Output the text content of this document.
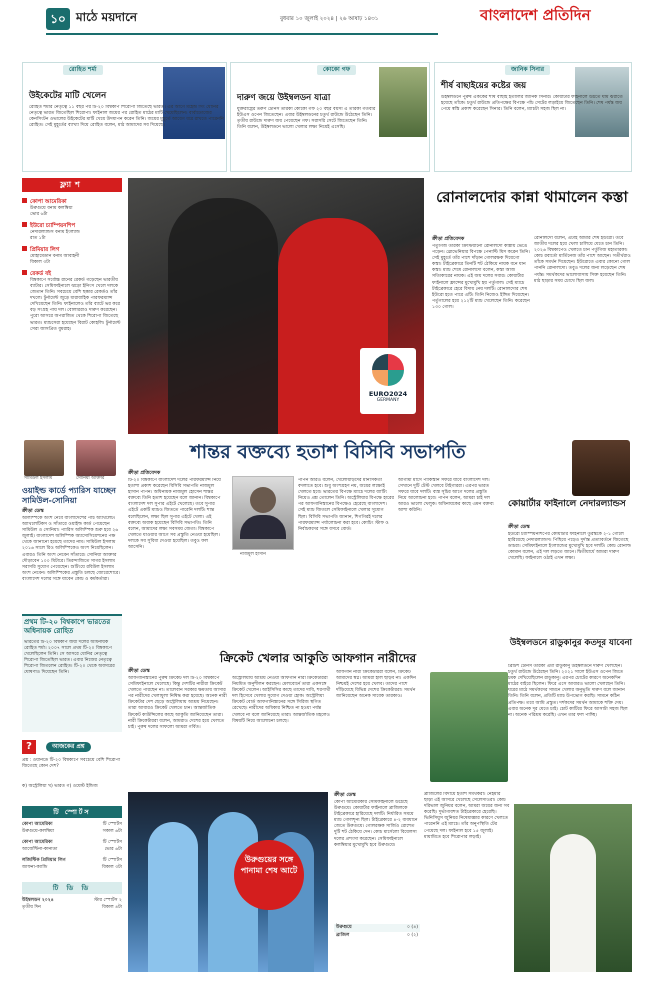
১০ মাঠে ময়দানে	বুধবার ১০ জুলাই ২০২৪ | ২৬ আষাঢ় ১৪৩১	বাংলাদেশ প্রতিদিন
রোহিত শর্মা
উইকেটের মাটি খেলেন
রোহিত শর্মার নেতৃত্বে ১১ বছর পর টি-২০ বিশ্বকাপ শিরোপা জিতেছে ভারত। এর আগে মহেন্দ্র সিং ধোনির নেতৃত্বে ভারত জিতেছিল শিরোপা। ফাইনাল জয়ের পর রোহিত মাঠের মাটি খেয়েছিলেন। বার্বাডোজের কেনসিংটন ওভালের উইকেটের মাটি খেয়ে উদযাপন করেন তিনি। জয়ের মুহূর্তে আবেগ ধরে রাখতে পারেননি রোহিত। সেই মুহূর্তের ব্যাখ্যা দিয়ে রোহিত বলেন, মাঠ আমাদের সব দিয়েছে।
কোকো গফ
দারুণ জয়ে উইম্বলডন যাত্রা
যুক্তরাষ্ট্রের তরুণ টেনিস তারকা কোকো গফ ২০ বছর বয়সী এ তারকা গতবার ইউএস ওপেন জিতেছেন। এবার উইম্বলডনের চতুর্থ রাউন্ডে উঠেছেন তিনি। তৃতীয় রাউন্ডে দারুণ জয় পেয়েছেন গফ। সরাসরি সেটে জিতেছেন তিনি। তিনি বলেন, উইম্বলডনে ভালো খেলার লক্ষ্য নিয়েই এসেছি।
জানিক সিনার
শীর্ষ বাছাইয়ের কষ্টের জয়
উইম্বলডনে পুরুষ এককের শীর্ষ বাছাই ইতালির জানিক সিনার। কোয়ার্টার ফাইনালে উঠতে ঘাম ঝরাতে হয়েছে তাঁকে। চতুর্থ রাউন্ডে প্রতিপক্ষের বিপক্ষে পাঁচ সেটের লড়াইয়ে জিতেছেন তিনি। শেষ পর্যন্ত জয় পেয়ে স্বস্তি প্রকাশ করেছেন সিনার। তিনি বলেন, ম্যাচটা সহজ ছিল না।
ফ্ল্যাশ
কোপা আমেরিকা
উরুগুয়ে বনাম কলম্বিয়া
ভোর ৬টা
ইউরো চ্যাম্পিয়নশিপ
নেদারল্যান্ডস বনাম ইংল্যান্ড
রাত ১টা
প্রিমিয়ার লিগ
মোহামেডান বনাম আবাহনী
বিকাল ৩টা
রেকর্ড বই
বিশ্বকাপে সর্বোচ্চ রানের রেকর্ড গড়েছেন ভারতীয় ব্যাটার। সেমিফাইনালে ঝড়ো ইনিংস খেলে দলকে জেতান তিনি। সবচেয়ে বেশি ছক্কার রেকর্ডও তাঁর দখলে। টুর্নামেন্ট জুড়ে ধারাবাহিক পারফরম্যান্স দেখিয়েছেন তিনি। ফাইনালেও তাঁর ব্যাটে ভর করে বড় সংগ্রহ পায় দল। বোলাররাও দারুণ করেছেন। পুরো আসরে অপরাজিত থেকে শিরোপা জিতেছে ভারত। ম্যাচসেরা হয়েছেন বিরাট কোহলি। টুর্নামেন্ট সেরা জাসপ্রিত বুমরাহ।
সামিউল ইসলাম	সোনিয়া আক্তার
ওয়াইল্ড কার্ডে প্যারিস যাচ্ছেন সামিউল-সোনিয়া
ক্রীড়া ডেস্ক
অলিম্পিকে অংশ নেবে বাংলাদেশের পাঁচ অ্যাথলেট। অ্যাথলেটিকস ও সাঁতারে ওয়াইল্ড কার্ড পেয়েছেন সামিউল ও সোনিয়া। প্যারিস অলিম্পিক শুরু হবে ২৬ জুলাই। বাংলাদেশ অলিম্পিক অ্যাসোসিয়েশনের পক্ষ থেকে জানানো হয়েছে তাদের নাম। সামিউল ইসলাম ২০১৬ সালে রিও অলিম্পিকেও অংশ নিয়েছিলেন। এবারও তিনি অংশ নেবেন সাঁতারে। সোনিয়া আক্তার দৌড়াবেন ১০০ মিটারে। তিরন্দাজিতে সাগর ইসলাম সরাসরি সুযোগ পেয়েছেন। শুটিংয়ে রবিউল ইসলাম অংশ নেবেন। অলিম্পিকের প্রস্তুতি চলছে জোরেশোরে। বাংলাদেশ দলের সঙ্গে যাবেন কোচ ও কর্মকর্তারা।
প্রথম টি-২০ বিশ্বকাপে ভারতের অধিনায়ক রোহিত
ভারতের টি-২০ বিশ্বকাপ জয়ী দলের অধিনায়ক রোহিত শর্মা। ২০০৭ সালে প্রথম টি-২০ বিশ্বকাপে খেলেছিলেন তিনি। সে আসরে ধোনির নেতৃত্বে শিরোপা জিতেছিল ভারত। এবার নিজের নেতৃত্বে শিরোপা জিতলেন রোহিত। টি-২০ থেকে অবসরের ঘোষণাও দিয়েছেন তিনি।
?	আজকের প্রশ্ন
প্রশ্ন : ওয়ানডে টি-২০ বিশ্বকাপে সবচেয়ে বেশি শিরোপা জিতেছে কোন দেশ?
ক) অস্ট্রেলিয়া খ) ভারত গ) ওয়েস্ট ইন্ডিজ
টি স্পোর্টস
কোপা আমেরিকা	টি স্পোর্টস
উরুগুয়ে-কলম্বিয়া	সকাল ৬টা
কোপা আমেরিকা	টি স্পোর্টস
আর্জেন্টিনা-কানাডা	ভোর ৬টা
লজিস্টিক প্রিমিয়ার লিগ	টি স্পোর্টস
জাফনা-ক্যান্ডি	বিকাল ৩টা
টি ডি ডি
উইম্বলডন ২০২৪	স্টার স্পোর্টস ২
তৃতীয় দিন	বিকাল ৪টা
EURO2024
GERMANY
রোনালদোর কান্না থামালেন কস্তা
ক্রীড়া প্রতিবেদক
পর্তুগিজ তারকা ক্রিস্টিয়ানো রোনালদো কান্নায় ভেঙে পড়েন। স্লোভেনিয়ার বিপক্ষে পেনাল্টি মিস করেন তিনি। সেই মুহূর্তে তাঁর পাশে দাঁড়ান গোলরক্ষক দিয়েগো কস্তা। টাইব্রেকারে তিনটি শট ঠেকিয়ে নায়ক বনে যান কস্তা। ম্যাচ শেষে রোনালদো বলেন, কস্তা আজ সত্যিকারের নায়ক। এই জয় দলের সবার। কোয়ার্টার ফাইনালে ফ্রান্সের মুখোমুখি হয় পর্তুগাল। সেই ম্যাচে টাইব্রেকারে হেরে বিদায় নেয় দলটি। রোনালদোর শেষ ইউরো হতে পারে এটি। তিনি নিজেও ইঙ্গিত দিয়েছেন। পর্তুগালের হয়ে ২১২টি ম্যাচ খেলেছেন তিনি। করেছেন ১৩০ গোল।
রোনালদো বলেন, এটাই আমার শেষ ইউরো। তবে জাতীয় দলের হয়ে খেলা চালিয়ে যেতে চান তিনি। ২০২৬ বিশ্বকাপেও খেলতে চান পর্তুগিজ মহাতারকা। কোচ রবার্তো মার্তিনেজ তাঁর পাশে আছেন। সতীর্থরাও তাঁকে সমর্থন দিয়েছেন। ইউরোতে এবার কোনো গোল পাননি রোনালদো। তবুও দলের জন্য লড়েছেন শেষ পর্যন্ত। সমর্থকদের ভালোবাসায় সিক্ত হয়েছেন তিনি। মাঠ ছাড়ার সময় চোখে ছিল জল।
শান্তর বক্তব্যে হতাশ বিসিবি সভাপতি
ক্রীড়া প্রতিবেদক
টি-২০ বিশ্বকাপে বাংলাদেশ দলের পারফরম্যান্স নিয়ে হতাশা প্রকাশ করেছেন বিসিবি সভাপতি নাজমুল হাসান পাপন। অধিনায়ক নাজমুল হোসেন শান্তর বক্তব্যে তিনি হতাশ হয়েছেন বলে জানান। বিশ্বকাপে বাংলাদেশ দল সুপার এইটে খেলেছে। তবে সুপার এইটে একটি ম্যাচও জিততে পারেনি দলটি। শান্ত বলেছিলেন, লক্ষ্য ছিল সুপার এইটে খেলা। এই বক্তব্যে অবাক হয়েছেন বিসিবি সভাপতি। তিনি বলেন, আমাদের লক্ষ্য সবসময় জেতা। বিশ্বকাপে খেলতে যাওয়ার আগে সব প্রস্তুতি নেওয়া হয়েছিল। দলকে সব সুবিধা দেওয়া হয়েছিল। তবুও ফল আসেনি।
নাজমুল হাসান
পাপন আরও বলেন, খেলোয়াড়দের মানসিকতা বদলাতে হবে। শুধু অংশগ্রহণ নয়, জয়ের লক্ষ্যেই খেলতে হবে। ভারতের বিপক্ষে ম্যাচে দলের ব্যাটিং নিয়েও প্রশ্ন তোলেন তিনি। অস্ট্রেলিয়ার বিপক্ষে হারের পর আফগানিস্তানের বিপক্ষেও হেরেছে বাংলাদেশ। সেই ম্যাচ জিতলে সেমিফাইনালে খেলার সুযোগ ছিল। বিসিবি সভাপতি জানান, শিগগিরই দলের পারফরম্যান্স পর্যালোচনা করা হবে। কোচিং স্টাফ ও নির্বাচকদের সঙ্গে বসবে বোর্ড।
আগামী মাসে পাকিস্তান সফরে যাবে বাংলাদেশ দল। সেখানে দুটি টেস্ট খেলবে টাইগাররা। এরপর ভারত সফরে যাবে দলটি। ব্যস্ত সূচির আগে দলের প্রস্তুতি নিয়ে আলোচনা হবে। পাপন বলেন, আমরা চাই দল আরও ভালো খেলুক। অধিনায়কের কাছে এমন বক্তব্য আশা করিনি।
কোয়ার্টার ফাইনালে নেদারল্যান্ডস
ক্রীড়া ডেস্ক
ইউরো চ্যাম্পিয়নশিপের কোয়ার্টার ফাইনালে তুরস্ককে ২-১ গোলে হারিয়েছে নেদারল্যান্ডস। পিছিয়ে পড়েও দুর্দান্ত প্রত্যাবর্তনে জিতেছে ডাচরা। সেমিফাইনালে ইংল্যান্ডের মুখোমুখি হবে দলটি। কোচ রোনাল্ড কোমান বলেন, এই দল লড়তে জানে। দ্বিতীয়ার্ধে আমরা দারুণ খেলেছি। ফাইনালে ওঠাই এখন লক্ষ্য।
উইম্বলডনে রাডুকানুর কতদূর যাবেনা
ব্রিটিশ টেনিস তারকা এমা রাডুকানু উইম্বলডনে দারুণ খেলছেন। চতুর্থ রাউন্ডে উঠেছেন তিনি। ২০২১ সালে ইউএস ওপেন জিতে চমক দেখিয়েছিলেন রাডুকানু। এরপর চোটের কারণে অনেকদিন মাঠের বাইরে ছিলেন। ফিরে এসে আবারও ভালো খেলছেন তিনি। ঘরের মাঠে সমর্থকদের সামনে খেলার অনুভূতি দারুণ বলে জানান তিনি। তিনি বলেন, প্রতিটি ম্যাচ উপভোগ করছি। সামনে কঠিন প্রতিপক্ষ। তবে আমি প্রস্তুত। দর্শকদের সমর্থন আমাকে শক্তি দেয়। এবার অনেক দূর যেতে চাই। চোট কাটিয়ে ফিরে আসাটা সহজ ছিল না। অনেক পরিশ্রম করেছি। এখন তার ফল পাচ্ছি।
ক্রিকেট খেলার আকুতি আফগান নারীদের
ক্রীড়া ডেস্ক
আফগানিস্তানের পুরুষ ক্রিকেট দল টি-২০ বিশ্বকাপে সেমিফাইনালে খেলেছে। কিন্তু দেশটির নারীরা ক্রিকেট খেলতে পারছেন না। তালেবান সরকার ক্ষমতায় আসার পর নারীদের খেলাধুলা নিষিদ্ধ করা হয়েছে। অনেক নারী ক্রিকেটার দেশ ছেড়ে অস্ট্রেলিয়ায় আশ্রয় নিয়েছেন। তারা আবারও ক্রিকেট খেলতে চান। আন্তর্জাতিক ক্রিকেট কাউন্সিলের কাছে আকুতি জানিয়েছেন তারা। নারী ক্রিকেটাররা বলেন, আমরাও দেশের হয়ে খেলতে চাই। পুরুষ দলের সাফল্যে আমরা গর্বিত।
অস্ট্রেলিয়ায় আশ্রয় নেওয়া আফগান নারী ক্রিকেটাররা নিয়মিত অনুশীলন করছেন। মেলবোর্নে তারা একসঙ্গে ক্রিকেট খেলেন। আইসিসির কাছে তাদের দাবি, শরণার্থী দল হিসেবে খেলার সুযোগ দেওয়া হোক। অস্ট্রেলিয়া ক্রিকেট বোর্ড আফগানিস্তানের সঙ্গে সিরিজ স্থগিত রেখেছে। নারীদের অধিকার নিশ্চিত না হওয়া পর্যন্ত খেলবে না বলে জানিয়েছে তারা। আন্তর্জাতিক মহলেও বিষয়টি নিয়ে আলোচনা চলছে।
আফগান নারী ক্রিকেটাররা বলেন, ক্রিকেট আমাদের স্বপ্ন। আমরা হাল ছাড়ব না। একদিন নিশ্চয়ই দেশের হয়ে খেলব। তাদের পাশে দাঁড়িয়েছে বিভিন্ন দেশের ক্রিকেটাররা। সমর্থন জানিয়েছেন অনেক সাবেক তারকাও।
উরুগুয়ের সঙ্গে পানামা শেষ আটে
ক্রীড়া ডেস্ক
কোপা আমেরিকার সেমিফাইনালে উঠেছে উরুগুয়ে। কোয়ার্টার ফাইনালে ব্রাজিলকে টাইব্রেকারে হারিয়েছে দলটি। নির্ধারিত সময়ে ম্যাচ গোলশূন্য ছিল। টাইব্রেকারে ৪-২ ব্যবধানে জেতে উরুগুয়ে। গোলরক্ষক সার্জিও রোশেত দুটি শট ঠেকিয়ে দেন। কোচ মার্সেলো বিয়েলসা দলের প্রশংসা করেছেন। সেমিফাইনালে কলম্বিয়ার মুখোমুখি হবে উরুগুয়ে।
ব্রাজিলের বিদায়ে হতাশ সমর্থকরা। নেইমার ছাড়া এই আসরে খেলেছে সেলেসাওরা। কোচ দরিভাল জুনিয়র বলেন, আমরা জয়ের জন্য সব করেছি। দুর্ভাগ্যবশত টাইব্রেকারে হেরেছি। ভিনিসিয়ুস জুনিয়র নিষেধাজ্ঞার কারণে খেলতে পারেননি এই ম্যাচে। তাঁর অনুপস্থিতি টের পেয়েছে দল। ফাইনাল হবে ১৫ জুলাই। মায়ামিতে হবে শিরোপার লড়াই।
উরুগুয়ে	০ (৪)
ব্রাজিল	০ (২)
